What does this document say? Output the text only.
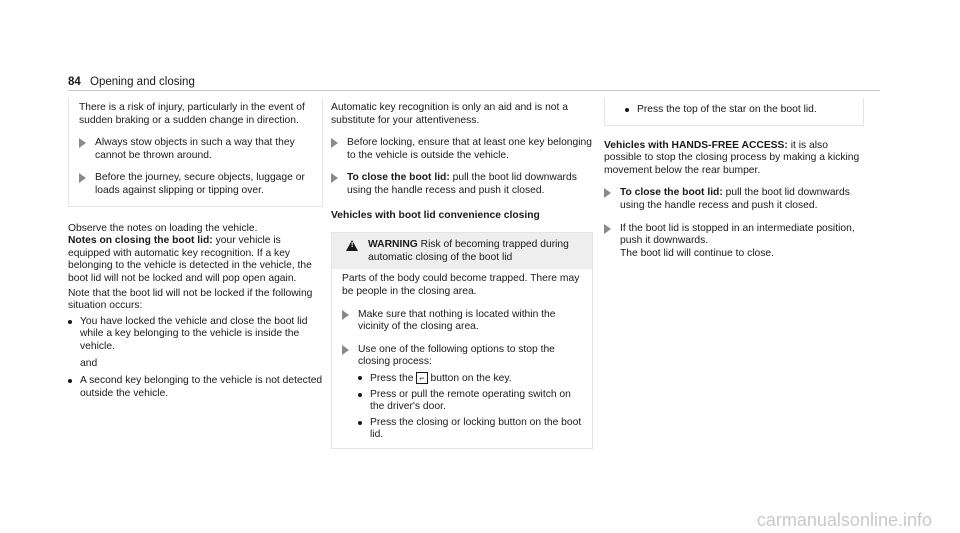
84 Opening and closing

There is a risk of injury, particularly in the event of sudden braking or a sudden change in direction.

Always stow objects in such a way that they cannot be thrown around.
Before the journey, secure objects, luggage or loads against slipping or tipping over.

Observe the notes on loading the vehicle.

Notes on closing the boot lid: your vehicle is equipped with automatic key recognition. If a key belonging to the vehicle is detected in the vehicle, the boot lid will not be locked and will pop open again.

Note that the boot lid will not be locked if the following situation occurs:

You have locked the vehicle and close the boot lid while a key belonging to the vehicle is inside the vehicle.

and

A second key belonging to the vehicle is not detected outside the vehicle.

Automatic key recognition is only an aid and is not a substitute for your attentiveness.

Before locking, ensure that at least one key belonging to the vehicle is outside the vehicle.
To close the boot lid: pull the boot lid downwards using the handle recess and push it closed.

Vehicles with boot lid convenience closing

! WARNING Risk of becoming trapped during automatic closing of the boot lid

Parts of the body could become trapped. There may be people in the closing area.

Make sure that nothing is located within the vicinity of the closing area.
Use one of the following options to stop the closing process:
Press the ⌐ button on the key.
Press or pull the remote operating switch on the driver's door.
Press the closing or locking button on the boot lid.
Press the top of the star on the boot lid.

Vehicles with HANDS-FREE ACCESS: it is also possible to stop the closing process by making a kicking movement below the rear bumper.

To close the boot lid: pull the boot lid downwards using the handle recess and push it closed.
If the boot lid is stopped in an intermediate position, push it downwards.
The boot lid will continue to close.
carmanualsonline.info
